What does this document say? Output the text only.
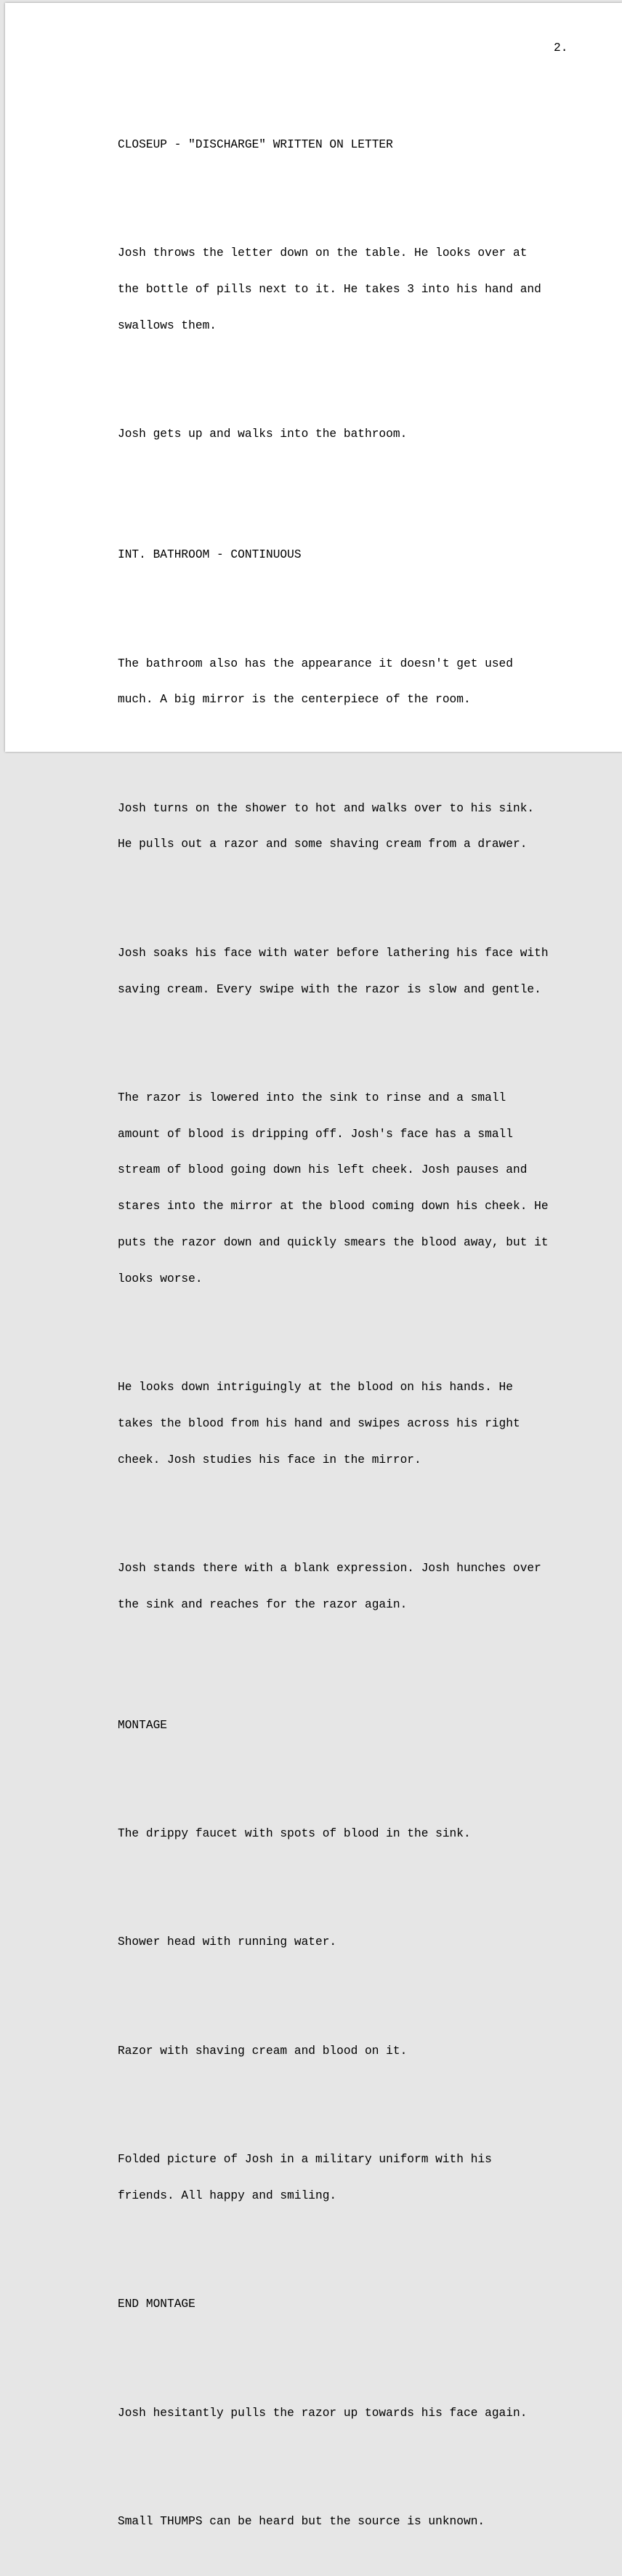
2.

CLOSEUP - "DISCHARGE" WRITTEN ON LETTER

Josh throws the letter down on the table. He looks over at

the bottle of pills next to it. He takes 3 into his hand and

swallows them.

Josh gets up and walks into the bathroom.

INT. BATHROOM - CONTINUOUS

The bathroom also has the appearance it doesn't get used

much. A big mirror is the centerpiece of the room.

Josh turns on the shower to hot and walks over to his sink.

He pulls out a razor and some shaving cream from a drawer.

Josh soaks his face with water before lathering his face with

saving cream. Every swipe with the razor is slow and gentle.

The razor is lowered into the sink to rinse and a small

amount of blood is dripping off. Josh's face has a small

stream of blood going down his left cheek. Josh pauses and

stares into the mirror at the blood coming down his cheek. He

puts the razor down and quickly smears the blood away, but it

looks worse.

He looks down intriguingly at the blood on his hands. He

takes the blood from his hand and swipes across his right

cheek. Josh studies his face in the mirror.

Josh stands there with a blank expression. Josh hunches over

the sink and reaches for the razor again.

MONTAGE

The drippy faucet with spots of blood in the sink.

Shower head with running water.

Razor with shaving cream and blood on it.

Folded picture of Josh in a military uniform with his

friends. All happy and smiling.

END MONTAGE

Josh hesitantly pulls the razor up towards his face again.

Small THUMPS can be heard but the source is unknown.
